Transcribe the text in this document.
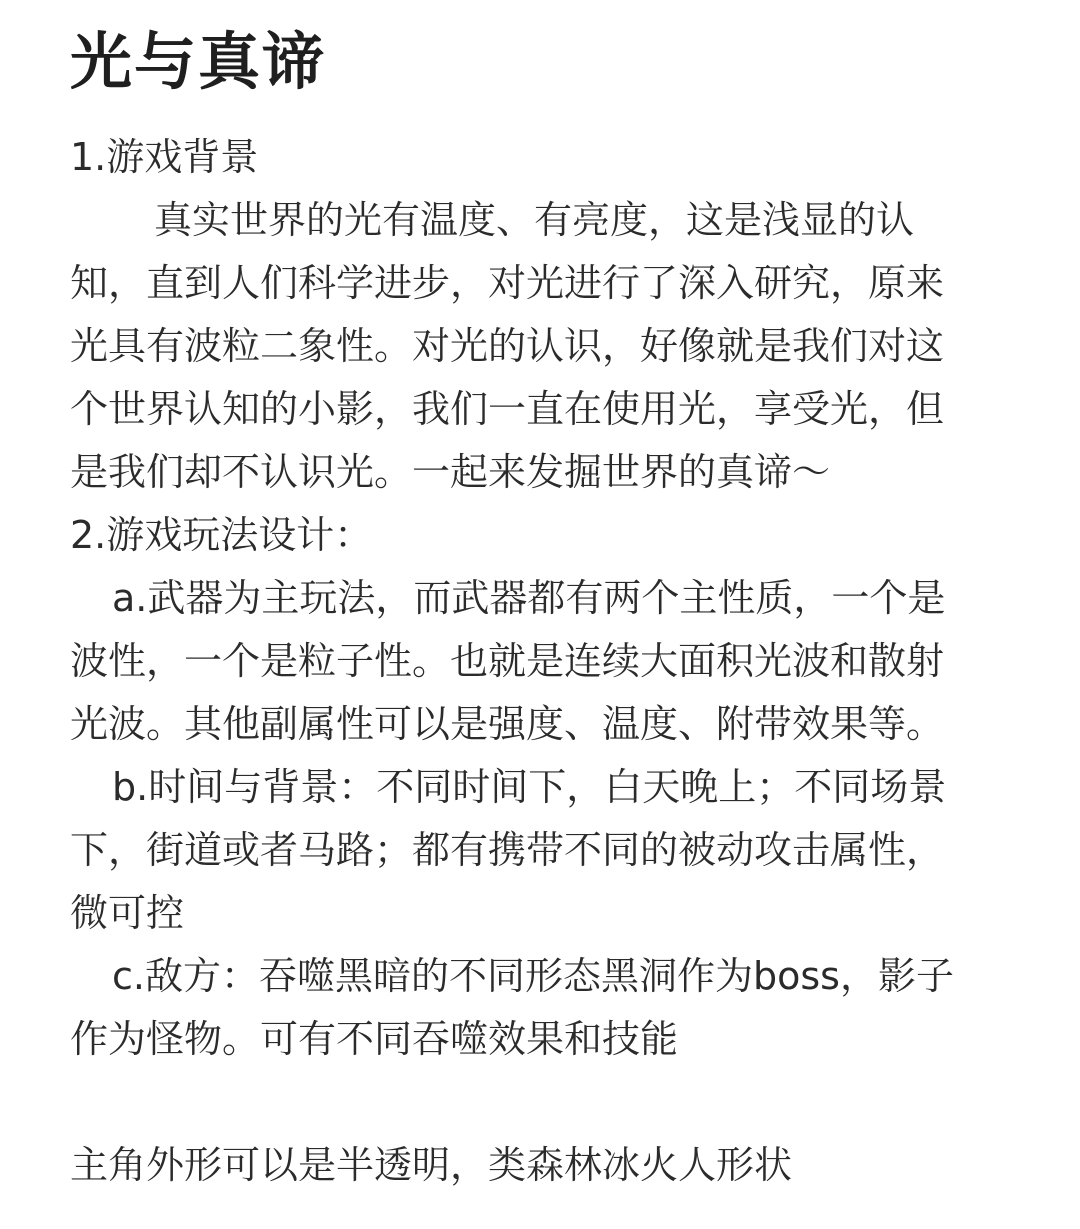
光与真谛
1.游戏背景
真实世界的光有温度、有亮度，这是浅显的认
知，直到人们科学进步，对光进行了深入研究，原来
光具有波粒二象性。对光的认识，好像就是我们对这
个世界认知的小影，我们一直在使用光，享受光，但
是我们却不认识光。一起来发掘世界的真谛～
2.游戏玩法设计：
a.武器为主玩法，而武器都有两个主性质，一个是
波性，一个是粒子性。也就是连续大面积光波和散射
光波。其他副属性可以是强度、温度、附带效果等。
b.时间与背景：不同时间下，白天晚上；不同场景
下，街道或者马路；都有携带不同的被动攻击属性，
微可控
c.敌方：吞噬黑暗的不同形态黑洞作为boss，影子
作为怪物。可有不同吞噬效果和技能
主角外形可以是半透明，类森林冰火人形状
